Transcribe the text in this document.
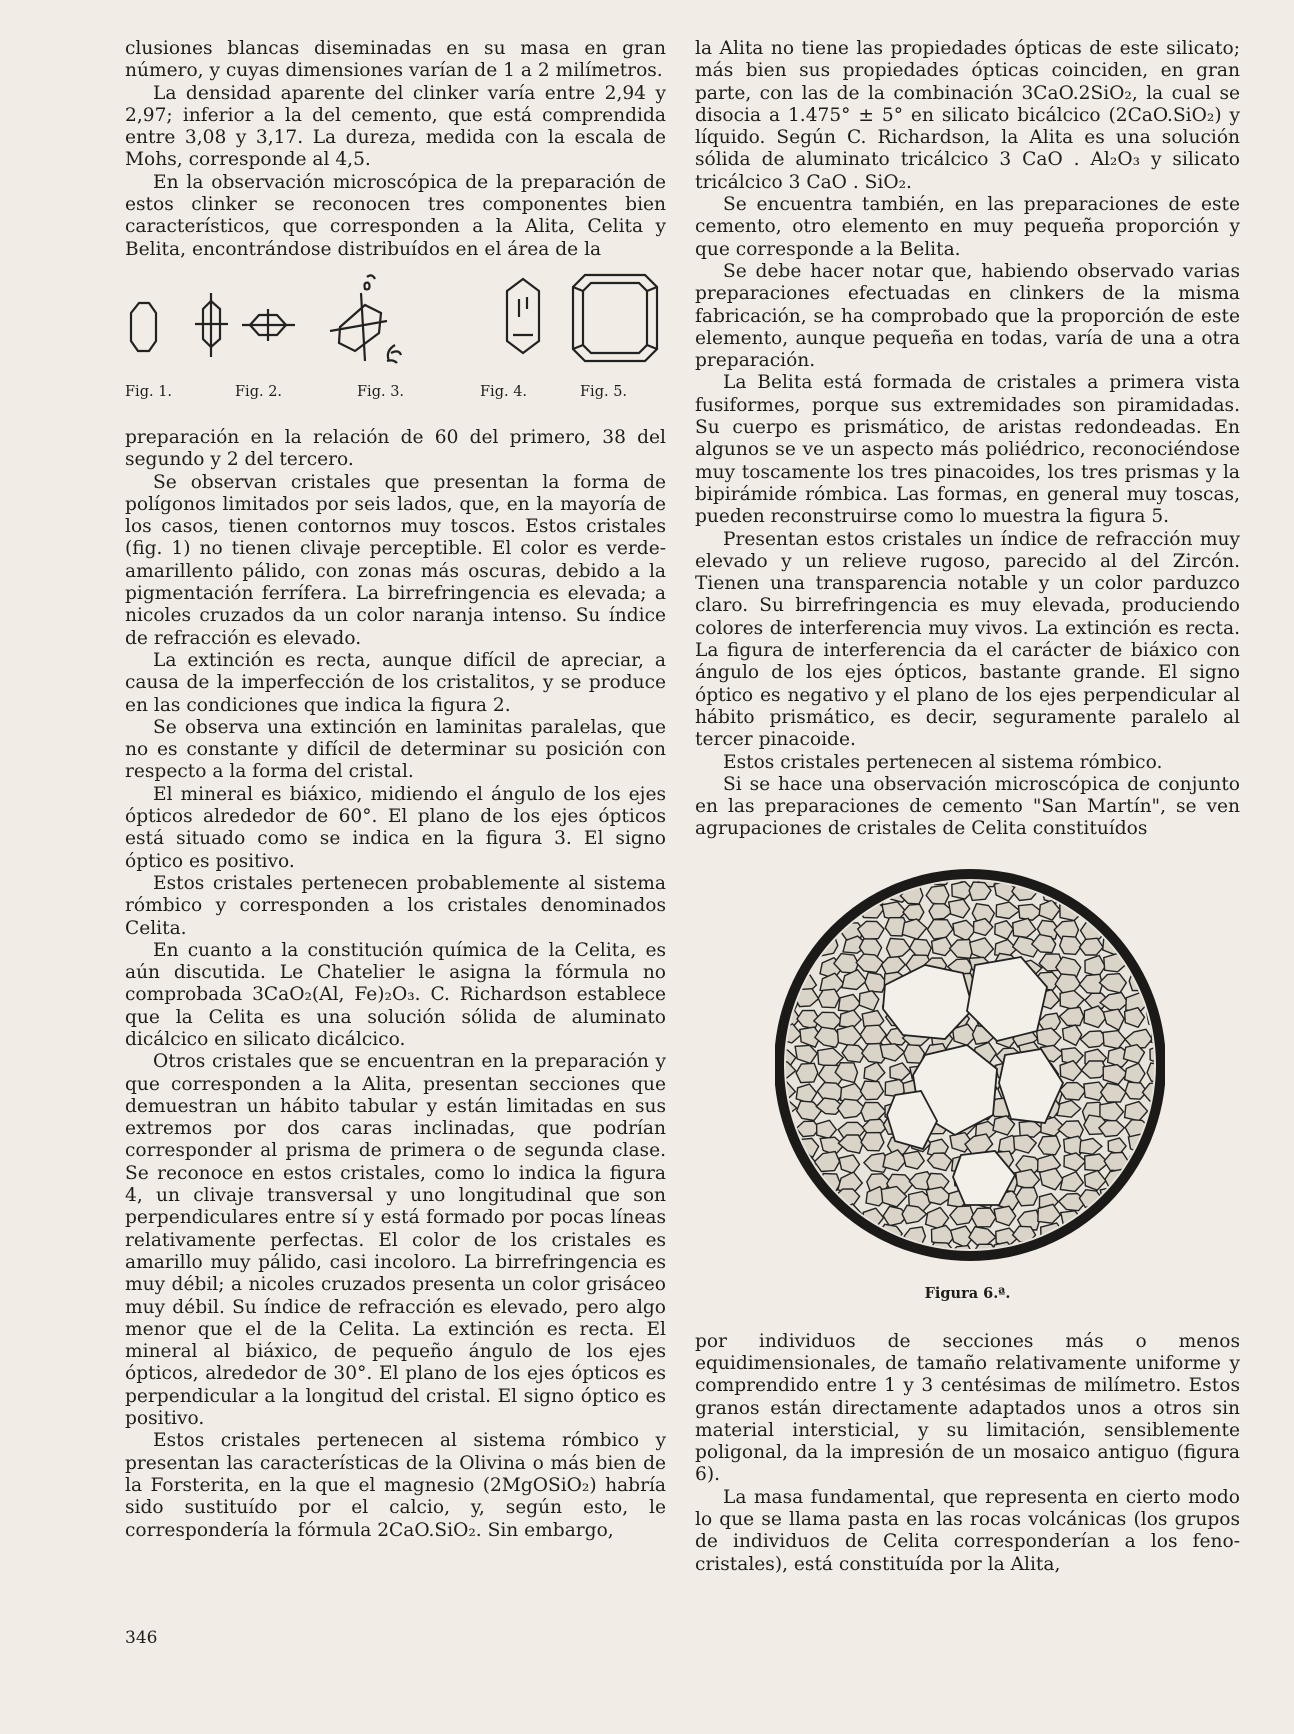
clusiones blancas diseminadas en su masa en gran número, y cuyas dimensiones varían de 1 a 2 milímetros.

La densidad aparente del clinker varía entre 2,94 y 2,97; inferior a la del cemento, que está comprendida entre 3,08 y 3,17. La dureza, medida con la escala de Mohs, corresponde al 4,5.

En la observación microscópica de la preparación de estos clinker se reconocen tres componentes bien característicos, que corresponden a la Alita, Celita y Belita, encontrándose distribuídos en el área de la

Fig. 1.	Fig. 2.	Fig. 3.	Fig. 4.	Fig. 5.

preparación en la relación de 60 del primero, 38 del segundo y 2 del tercero.

Se observan cristales que presentan la forma de polígonos limitados por seis lados, que, en la mayoría de los casos, tienen contornos muy toscos. Estos cristales (fig. 1) no tienen clivaje perceptible. El color es verde-amarillento pálido, con zonas más oscuras, debido a la pigmentación ferrífera. La birrefringencia es elevada; a nicoles cruzados da un color naranja intenso. Su índice de refracción es elevado.

La extinción es recta, aunque difícil de apreciar, a causa de la imperfección de los cristalitos, y se produce en las condiciones que indica la figura 2.

Se observa una extinción en laminitas paralelas, que no es constante y difícil de determinar su posición con respecto a la forma del cristal.

El mineral es biáxico, midiendo el ángulo de los ejes ópticos alrededor de 60°. El plano de los ejes ópticos está situado como se indica en la figura 3. El signo óptico es positivo.

Estos cristales pertenecen probablemente al sistema rómbico y corresponden a los cristales denominados Celita.

En cuanto a la constitución química de la Celita, es aún discutida. Le Chatelier le asigna la fórmula no comprobada 3CaO₂(Al, Fe)₂O₃. C. Richardson establece que la Celita es una solución sólida de aluminato dicálcico en silicato dicálcico.

Otros cristales que se encuentran en la preparación y que corresponden a la Alita, presentan secciones que demuestran un hábito tabular y están limitadas en sus extremos por dos caras inclinadas, que podrían corresponder al prisma de primera o de segunda clase. Se reconoce en estos cristales, como lo indica la figura 4, un clivaje transversal y uno longitudinal que son perpendiculares entre sí y está formado por pocas líneas relativamente perfectas. El color de los cristales es amarillo muy pálido, casi incoloro. La birrefringencia es muy débil; a nicoles cruzados presenta un color grisáceo muy débil. Su índice de refracción es elevado, pero algo menor que el de la Celita. La extinción es recta. El mineral al biáxico, de pequeño ángulo de los ejes ópticos, alrededor de 30°. El plano de los ejes ópticos es perpendicular a la longitud del cristal. El signo óptico es positivo.

Estos cristales pertenecen al sistema rómbico y presentan las características de la Olivina o más bien de la Forsterita, en la que el magnesio (2MgOSiO₂) habría sido sustituído por el calcio, y, según esto, le correspondería la fórmula 2CaO.SiO₂. Sin embargo,

la Alita no tiene las propiedades ópticas de este silicato; más bien sus propiedades ópticas coinciden, en gran parte, con las de la combinación 3CaO.2SiO₂, la cual se disocia a 1.475° ± 5° en silicato bicálcico (2CaO.SiO₂) y líquido. Según C. Richardson, la Alita es una solución sólida de aluminato tricálcico 3 CaO . Al₂O₃ y silicato tricálcico 3 CaO . SiO₂.

Se encuentra también, en las preparaciones de este cemento, otro elemento en muy pequeña proporción y que corresponde a la Belita.

Se debe hacer notar que, habiendo observado varias preparaciones efectuadas en clinkers de la misma fabricación, se ha comprobado que la proporción de este elemento, aunque pequeña en todas, varía de una a otra preparación.

La Belita está formada de cristales a primera vista fusiformes, porque sus extremidades son piramidadas. Su cuerpo es prismático, de aristas redondeadas. En algunos se ve un aspecto más poliédrico, reconociéndose muy toscamente los tres pinacoides, los tres prismas y la bipirámide rómbica. Las formas, en general muy toscas, pueden reconstruirse como lo muestra la figura 5.

Presentan estos cristales un índice de refracción muy elevado y un relieve rugoso, parecido al del Zircón. Tienen una transparencia notable y un color parduzco claro. Su birrefringencia es muy elevada, produciendo colores de interferencia muy vivos. La extinción es recta. La figura de interferencia da el carácter de biáxico con ángulo de los ejes ópticos, bastante grande. El signo óptico es negativo y el plano de los ejes perpendicular al hábito prismático, es decir, seguramente paralelo al tercer pinacoide.

Estos cristales pertenecen al sistema rómbico.

Si se hace una observación microscópica de conjunto en las preparaciones de cemento "San Martín", se ven agrupaciones de cristales de Celita constituídos

Figura 6.ª.

por individuos de secciones más o menos equidimensionales, de tamaño relativamente uniforme y comprendido entre 1 y 3 centésimas de milímetro. Estos granos están directamente adaptados unos a otros sin material intersticial, y su limitación, sensiblemente poligonal, da la impresión de un mosaico antiguo (figura 6).

La masa fundamental, que representa en cierto modo lo que se llama pasta en las rocas volcánicas (los grupos de individuos de Celita corresponderían a los feno-cristales), está constituída por la Alita,

346
